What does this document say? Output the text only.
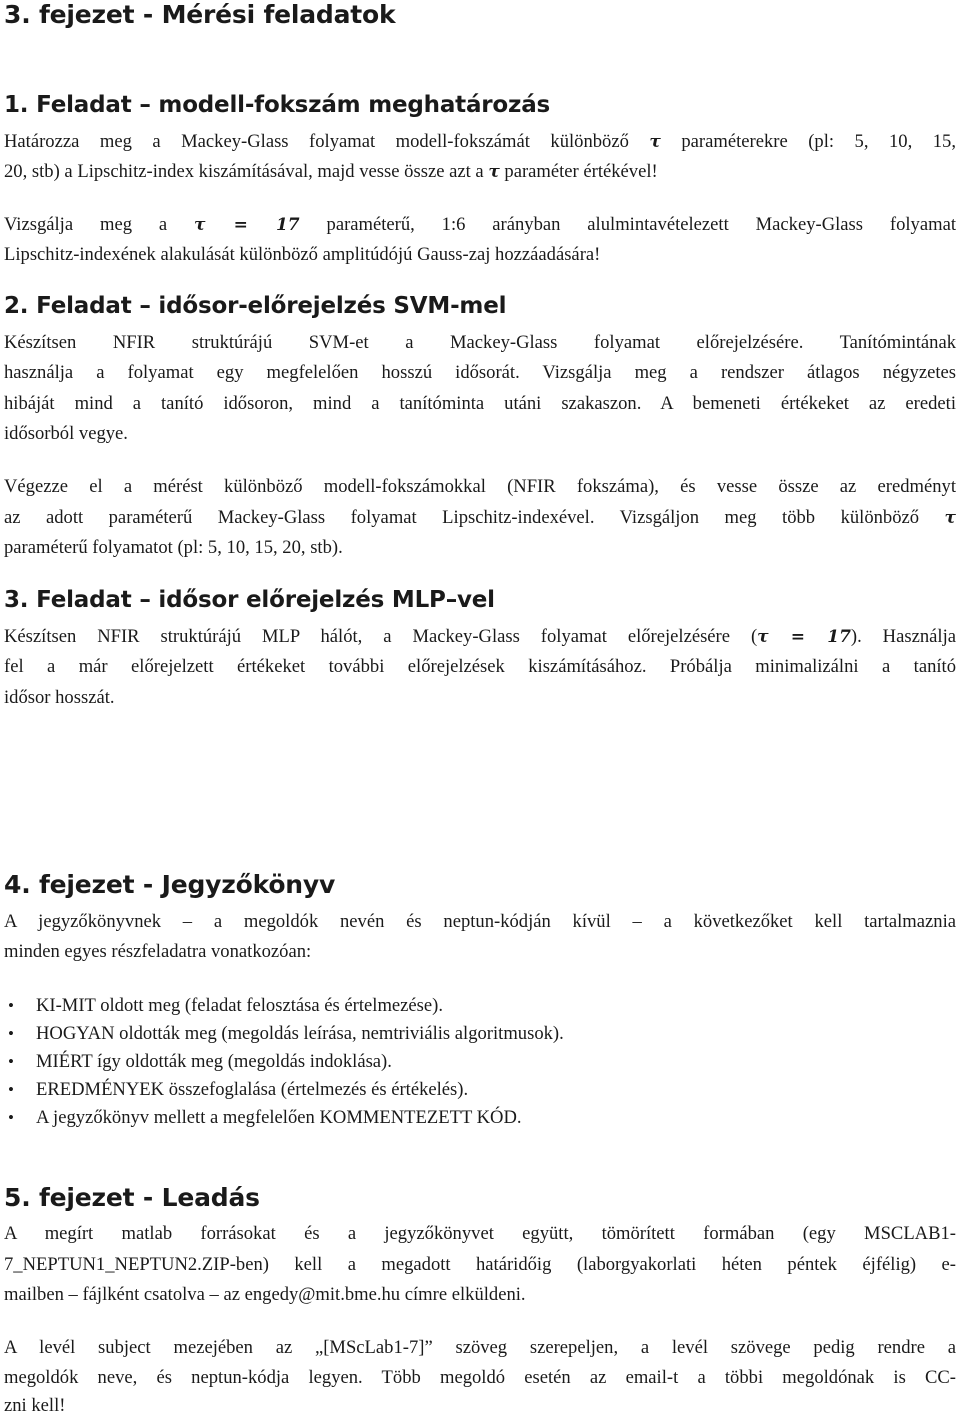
3. fejezet - Mérési feladatok
1. Feladat – modell-fokszám meghatározás
Határozza meg a Mackey-Glass folyamat modell-fokszámát különböző τ paraméterekre (pl: 5, 10, 15,
20, stb) a Lipschitz-index kiszámításával, majd vesse össze azt a τ paraméter értékével!
Vizsgálja meg a τ = 17 paraméterű, 1:6 arányban alulmintavételezett Mackey-Glass folyamat
Lipschitz-indexének alakulását különböző amplitúdójú Gauss-zaj hozzáadására!
2. Feladat – idősor-előrejelzés SVM-mel
Készítsen NFIR struktúrájú SVM-et a Mackey-Glass folyamat előrejelzésére. Tanítómintának
használja a folyamat egy megfelelően hosszú idősorát. Vizsgálja meg a rendszer átlagos négyzetes
hibáját mind a tanító idősoron, mind a tanítóminta utáni szakaszon. A bemeneti értékeket az eredeti
idősorból vegye.
Végezze el a mérést különböző modell-fokszámokkal (NFIR fokszáma), és vesse össze az eredményt
az adott paraméterű Mackey-Glass folyamat Lipschitz-indexével. Vizsgáljon meg több különböző τ
paraméterű folyamatot (pl: 5, 10, 15, 20, stb).
3. Feladat – idősor előrejelzés MLP–vel
Készítsen NFIR struktúrájú MLP hálót, a Mackey-Glass folyamat előrejelzésére (τ = 17). Használja
fel a már előrejelzett értékeket további előrejelzések kiszámításához. Próbálja minimalizálni a tanító
idősor hosszát.
4. fejezet - Jegyzőkönyv
A jegyzőkönyvnek – a megoldók nevén és neptun-kódján kívül – a következőket kell tartalmaznia
minden egyes részfeladatra vonatkozóan:
• KI-MIT oldott meg (feladat felosztása és értelmezése).
• HOGYAN oldották meg (megoldás leírása, nemtriviális algoritmusok).
• MIÉRT így oldották meg (megoldás indoklása).
• EREDMÉNYEK összefoglalása (értelmezés és értékelés).
• A jegyzőkönyv mellett a megfelelően KOMMENTEZETT KÓD.
5. fejezet - Leadás
A megírt matlab forrásokat és a jegyzőkönyvet együtt, tömörített formában (egy MSCLAB1-
7_NEPTUN1_NEPTUN2.ZIP-ben) kell a megadott határidőig (laborgyakorlati héten péntek éjfélig) e-
mailben – fájlként csatolva – az engedy@mit.bme.hu címre elküldeni.
A levél subject mezejében az „[MScLab1-7]” szöveg szerepeljen, a levél szövege pedig rendre a
megoldók neve, és neptun-kódja legyen. Több megoldó esetén az email-t a többi megoldónak is CC-
zni kell!
